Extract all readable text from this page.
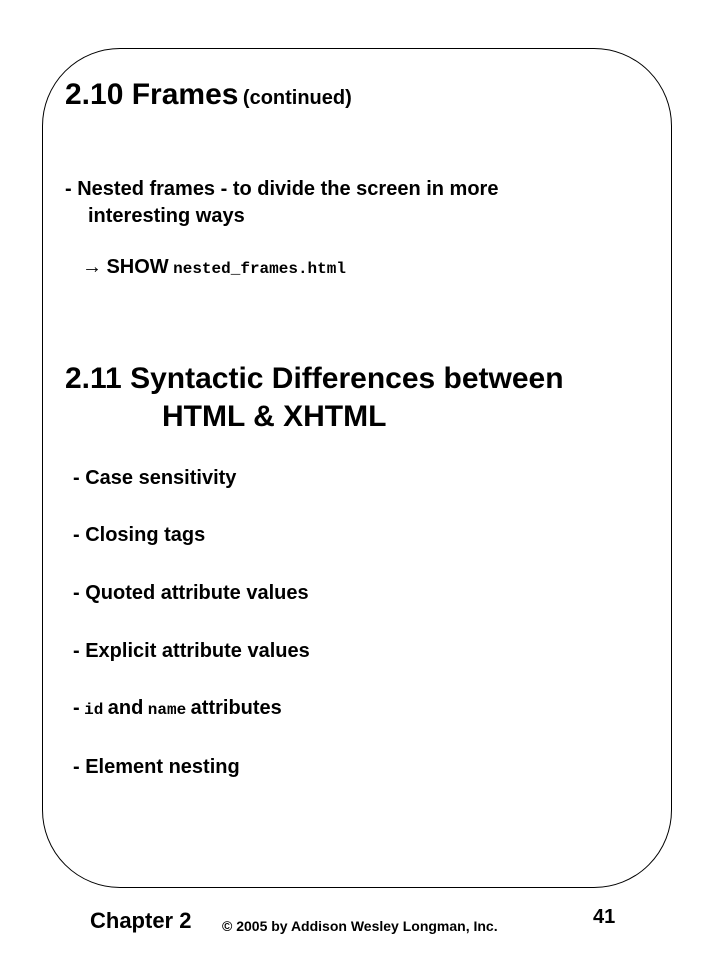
2.10 Frames (continued)
- Nested frames - to divide the screen in more
interesting ways
→ SHOW nested_frames.html
2.11 Syntactic Differences between
HTML & XHTML
- Case sensitivity
- Closing tags
- Quoted attribute values
- Explicit attribute values
- id and name attributes
- Element nesting
Chapter 2 © 2005 by Addison Wesley Longman, Inc.	41
